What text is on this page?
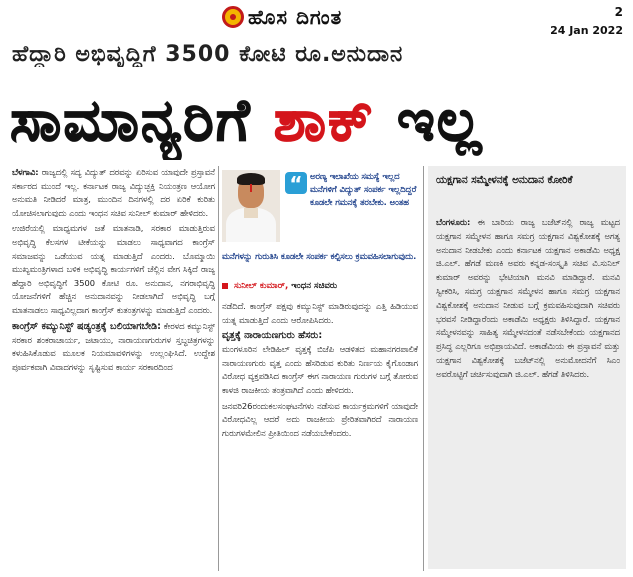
ಹೊಸ ದಿಗಂತ	2
24 Jan 2022
ಹೆದ್ದಾರಿ ಅಭಿವೃದ್ಧಿಗೆ 3500 ಕೋಟಿ ರೂ.ಅನುದಾನ
ಸಾಮಾನ್ಯರಿಗೆ ಶಾಕ್ ಇಲ್ಲ

ಬೆಳಗಾವಿ: ರಾಜ್ಯದಲ್ಲಿ ಸದ್ಯ ವಿದ್ಯುತ್ ದರವನ್ನು ಏರಿಸುವ ಯಾವುದೇ ಪ್ರಸ್ತಾವನೆ ಸರ್ಕಾರದ ಮುಂದೆ ಇಲ್ಲ. ಕರ್ನಾಟಕ ರಾಜ್ಯ ವಿದ್ಯುಚ್ಛಕ್ತಿ ನಿಯಂತ್ರಣ ಆಯೋಗ ಅನುಮತಿ ನೀಡಿದರೆ ಮಾತ್ರ, ಮುಂದಿನ ದಿನಗಳಲ್ಲಿ ದರ ಏರಿಕೆ ಕುರಿತು ಯೋಚಿಸಲಾಗುವುದು ಎಂದು ಇಂಧನ ಸಚಿವ ಸುನೀಲ್ ಕುಮಾರ್ ಹೇಳಿದರು.

ಉಜಿರೆಯಲ್ಲಿ ಮಾಧ್ಯಮಗಳ ಜತೆ ಮಾತನಾಡಿ, ಸರಕಾರ ಮಾಡುತ್ತಿರುವ ಅಭಿವೃದ್ಧಿ ಕೆಲಸಗಳ ಟೀಕೆಯನ್ನು ಮಾಡಲು ಸಾಧ್ಯವಾಗದ ಕಾಂಗ್ರೆಸ್ ಸಮಾಜವನ್ನು ಒಡೆಯುವ ಯತ್ನ ಮಾಡುತ್ತಿದೆ ಎಂದರು. ಬೊಮ್ಮಾಯಿ ಮುಖ್ಯಮಂತ್ರಿಗಳಾದ ಬಳಿಕ ಅಭಿವೃದ್ಧಿ ಕಾರ್ಯಗಳಿಗೆ ಚೆಲ್ಲಿನ ವೇಗ ಸಿಕ್ಕಿದೆ ರಾಜ್ಯ ಹೆದ್ದಾರಿ ಅಭಿವೃದ್ಧಿಗೆ 3500 ಕೋಟಿ ರೂ. ಅನುದಾನ, ನಗರಾಭಿವೃದ್ಧಿ ಯೋಜನೆಗಳಿಗೆ ಹೆಚ್ಚಿನ ಅನುದಾನವನ್ನು ನೀಡಲಾಗಿದೆ ಅಭಿವೃದ್ಧಿ ಬಗ್ಗೆ ಮಾತನಾಡಲು ಸಾಧ್ಯವಿಲ್ಲದಾಗ ಕಾಂಗ್ರೆಸ್ ಕುತಂತ್ರಗಳನ್ನು ಮಾಡುತ್ತಿದೆ ಎಂದರು.

ಕಾಂಗ್ರೆಸ್ ಕಮ್ಯುನಿಸ್ಟ್ ಷಡ್ಯಂತ್ರಕ್ಕೆ ಬಲಿಯಾಗಬೇಡಿ: ಕೇರಳದ ಕಮ್ಯುನಿಸ್ಟ್ ಸರಕಾರ ಶಂಕರಾಚಾರ್ಯ, ಜಟಾಯು, ನಾರಾಯಣಗುರುಗಳ ಸ್ತಬ್ಧಚಿತ್ರಗಳನ್ನು ಕಳುಹಿಸಿಕೊಡುವ ಮೂಲಕ ನಿಯಮಾವಳಿಗಳನ್ನು ಉಲ್ಲಂಘಿಸಿದೆ. ಉದ್ದೇಶ ಪೂರ್ವಕವಾಗಿ ವಿವಾದಗಳನ್ನು ಸೃಷ್ಟಿಸುವ ಕಾರ್ಯ ಸರಕಾರದಿಂದ

“ ಅರಣ್ಯ ಇಲಾಖೆಯ ಸಮಸ್ಯೆ ಇಲ್ಲದ ಮನೆಗಳಿಗೆ ವಿದ್ಯುತ್ ಸಂಪರ್ಕ ಇಲ್ಲದಿದ್ದರೆ ಕೂಡಲೇ ಗಮನಕ್ಕೆ ತರಬೇಕು. ಅಂತಹ
ಮನೆಗಳನ್ನು ಗುರುತಿಸಿ ಕೂಡಲೇ ಸಂಪರ್ಕ ಕಲ್ಪಿಸಲು ಕ್ರಮವಹಿಸಲಾಗುವುದು.
ಸುನೀಲ್ ಕುಮಾರ್, ಇಂಧನ ಸಚಿವರು

ನಡೆದಿದೆ. ಕಾಂಗ್ರೆಸ್ ಪಕ್ಷವು ಕಮ್ಯುನಿಸ್ಟ್ ಮಾಡಿರುವುದನ್ನು ಎತ್ತಿ ಹಿಡಿಯುವ ಯತ್ನ ಮಾಡುತ್ತಿದೆ ಎಂದು ಆರೋಪಿಸಿದರು.

ವೃತ್ತಕ್ಕೆ ನಾರಾಯಣಗುರು ಹೆಸರು:
ಮಂಗಳೂರಿನ ಲೇಡಿಹಿಲ್ ವೃತ್ತಕ್ಕೆ ಬಿಜೆಪಿ ಆಡಳಿತದ ಮಹಾನಗರಪಾಲಿಕೆ ನಾರಾಯಣಗುರು ವೃತ್ತ ಎಂದು ಹೆಸರಿಡುವ ಕುರಿತು ನಿರ್ಣಯ ಕೈಗೊಂಡಾಗ ವಿರೋಧ ವ್ಯಕ್ತಪಡಿಸಿದ ಕಾಂಗ್ರೆಸ್ ಈಗ ನಾರಾಯಣ ಗುರುಗಳ ಬಗ್ಗೆ ತೋರುವ ಕಾಳಜಿ ರಾಜಕೀಯ ತಂತ್ರವಾಗಿದೆ ಎಂದು ಹೇಳಿದರು.

ಜನವರಿ26ರಂದುಕಲಸಂಘಟನೆಗಳು ನಡೆಸುವ ಕಾರ್ಯಕ್ರಮಗಳಿಗೆ ಯಾವುದೇ ವಿರೋಧವಿಲ್ಲ ಆದರೆ ಅದು ರಾಜಕೀಯ ಪ್ರೇರಿತವಾಗಿರದೆ ನಾರಾಯಣ ಗುರುಗಳಮೇಲಿನ ಪ್ರೀತಿಯಿಂದ ನಡೆಯಬೇಕೆಂದರು.

ಯಕ್ಷಗಾನ ಸಮ್ಮೇಳನಕ್ಕೆ ಅನುದಾನ ಕೋರಿಕೆ
ಬೆಂಗಳೂರು: ಈ ಬಾರಿಯ ರಾಜ್ಯ ಬಜೆಟ್‌ನಲ್ಲಿ ರಾಜ್ಯ ಮಟ್ಟದ ಯಕ್ಷಗಾನ ಸಮ್ಮೇಳನ ಹಾಗೂ ಸಮಗ್ರ ಯಕ್ಷಗಾನ ವಿಶ್ವಕೋಶಕ್ಕೆ ಅಗತ್ಯ ಅನುದಾನ ನೀಡಬೇಕು ಎಂದು ಕರ್ನಾಟಕ ಯಕ್ಷಗಾನ ಅಕಾಡೆಮಿ ಅಧ್ಯಕ್ಷ ಜಿ.ಎಲ್. ಹೆಗಡೆ ಮಣಕಿ ಅವರು ಕನ್ನಡ-ಸಂಸ್ಕೃತಿ ಸಚಿವ ವಿ.ಸುನಿಲ್ ಕುಮಾರ್ ಅವರನ್ನು ಭೇಟಿಯಾಗಿ ಮನವಿ ಮಾಡಿದ್ದಾರೆ. ಮನವಿ ಸ್ವೀಕರಿಸಿ, ಸಮಗ್ರ ಯಕ್ಷಗಾನ ಸಮ್ಮೇಳನ ಹಾಗೂ ಸಮಗ್ರ ಯಕ್ಷಗಾನ ವಿಶ್ವಕೋಶಕ್ಕೆ ಅನುದಾನ ನೀಡುವ ಬಗ್ಗೆ ಕ್ರಮವಹಿಸುವುದಾಗಿ ಸಚಿವರು ಭರವಸೆ ನೀಡಿದ್ದಾರೆಂದು ಅಕಾಡೆಮಿ ಅಧ್ಯಕ್ಷರು ತಿಳಿಸಿದ್ದಾರೆ. ಯಕ್ಷಗಾನ ಸಮ್ಮೇಳನವನ್ನು ಸಾಹಿತ್ಯ ಸಮ್ಮೇಳನದಂತೆ ನಡೆಸಬೇಕೆಂದು ಯಕ್ಷಗಾನದ ಪ್ರಸಿದ್ಧ ಎಲ್ಲರಿಗೂ ಅಭಿಪ್ರಾಯವಿದೆ. ಅಕಾಡೆಮಿಯ ಈ ಪ್ರಸ್ತಾವನೆ ಮತ್ತು ಯಕ್ಷಗಾನ ವಿಶ್ವಕೋಶಕ್ಕೆ ಬಜೆಟ್‌ನಲ್ಲಿ ಅನುಮೋದನೆಗೆ ಸಿಎಂ ಅವರೊಟ್ಟಿಗೆ ಚರ್ಚಿಸುವುದಾಗಿ ಜಿ.ಎಲ್. ಹೆಗಡೆ ತಿಳಿಸಿದರು.
